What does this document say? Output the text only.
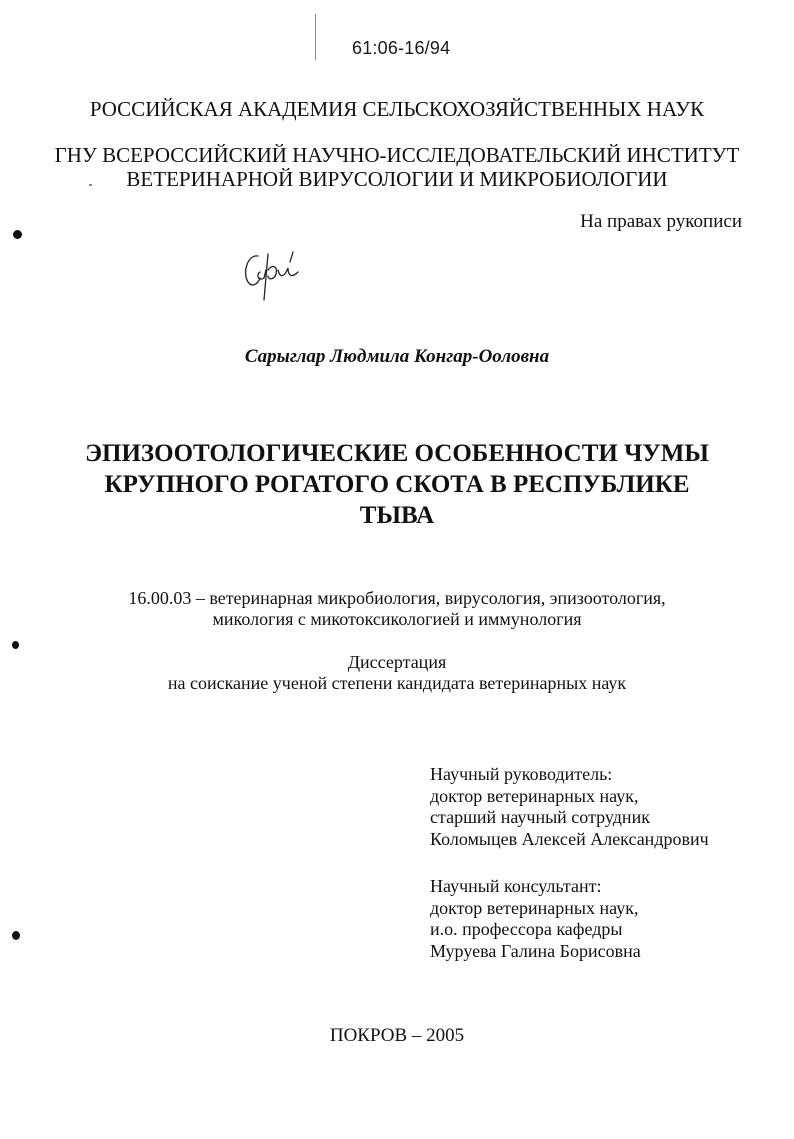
61:06-16/94
РОССИЙСКАЯ АКАДЕМИЯ СЕЛЬСКОХОЗЯЙСТВЕННЫХ НАУК
ГНУ ВСЕРОССИЙСКИЙ НАУЧНО-ИССЛЕДОВАТЕЛЬСКИЙ ИНСТИТУТ
ВЕТЕРИНАРНОЙ ВИРУСОЛОГИИ И МИКРОБИОЛОГИИ
На правах рукописи
Сарыглар Людмила Конгар-Ооловна
ЭПИЗООТОЛОГИЧЕСКИЕ ОСОБЕННОСТИ ЧУМЫ
КРУПНОГО РОГАТОГО СКОТА В РЕСПУБЛИКЕ
ТЫВА
16.00.03 – ветеринарная микробиология, вирусология, эпизоотология,
микология с микотоксикологией и иммунология
Диссертация
на соискание ученой степени кандидата ветеринарных наук
Научный руководитель:
доктор ветеринарных наук,
старший научный сотрудник
Коломыцев Алексей Александрович
Научный консультант:
доктор ветеринарных наук,
и.о. профессора кафедры
Муруева Галина Борисовна
ПОКРОВ – 2005
